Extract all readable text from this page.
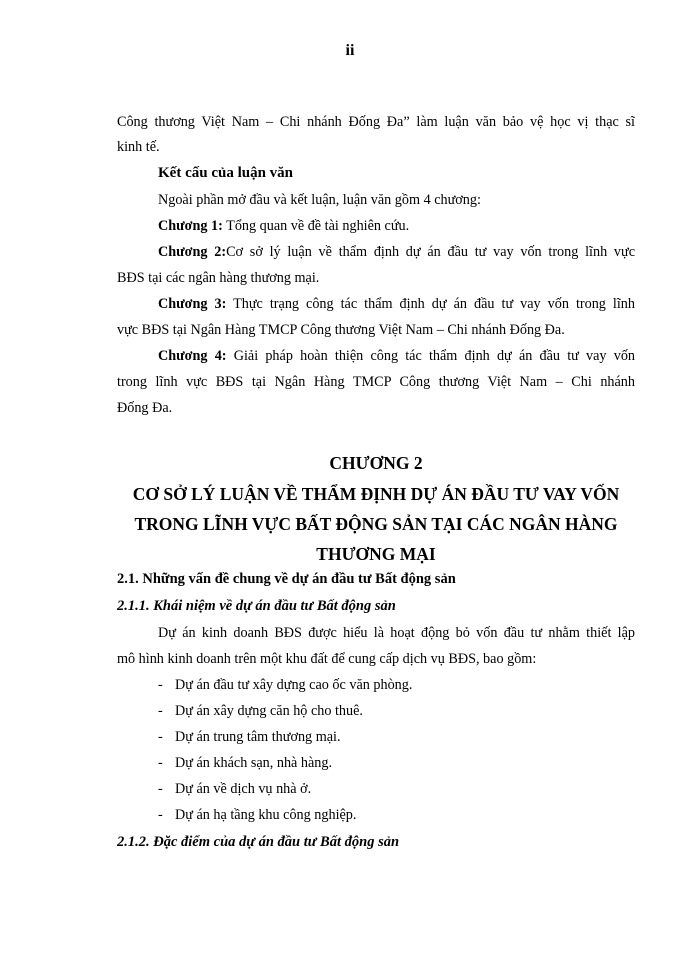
ii
Công thương Việt Nam – Chi nhánh Đống Đa” làm luận văn bảo vệ học vị thạc sĩ
kinh tế.
Kết cấu của luận văn
Ngoài phần mở đầu và kết luận, luận văn gồm 4 chương:
Chương 1: Tổng quan về đề tài nghiên cứu.
Chương 2:Cơ sở lý luận về thẩm định dự án đầu tư vay vốn trong lĩnh vực
BĐS tại các ngân hàng thương mại.
Chương 3: Thực trạng công tác thẩm định dự án đầu tư vay vốn trong lĩnh
vực BĐS tại Ngân Hàng TMCP Công thương Việt Nam – Chi nhánh Đống Đa.
Chương 4: Giải pháp hoàn thiện công tác thẩm định dự án đầu tư vay vốn
trong lĩnh vực BĐS tại Ngân Hàng TMCP Công thương Việt Nam – Chi nhánh
Đống Đa.
CHƯƠNG 2
CƠ SỞ LÝ LUẬN VỀ THẨM ĐỊNH DỰ ÁN ĐẦU TƯ VAY VỐN
TRONG LĨNH VỰC BẤT ĐỘNG SẢN TẠI CÁC NGÂN HÀNG
THƯƠNG MẠI
2.1. Những vấn đề chung về dự án đầu tư Bất động sản
2.1.1. Khái niệm về dự án đầu tư Bất động sản
Dự án kinh doanh BĐS được hiểu là hoạt động bỏ vốn đầu tư nhằm thiết lập
mô hình kinh doanh trên một khu đất để cung cấp dịch vụ BĐS, bao gồm:
- Dự án đầu tư xây dựng cao ốc văn phòng.
- Dự án xây dựng căn hộ cho thuê.
- Dự án trung tâm thương mại.
- Dự án khách sạn, nhà hàng.
- Dự án về dịch vụ nhà ở.
- Dự án hạ tầng khu công nghiệp.
2.1.2. Đặc điểm của dự án đầu tư Bất động sản
